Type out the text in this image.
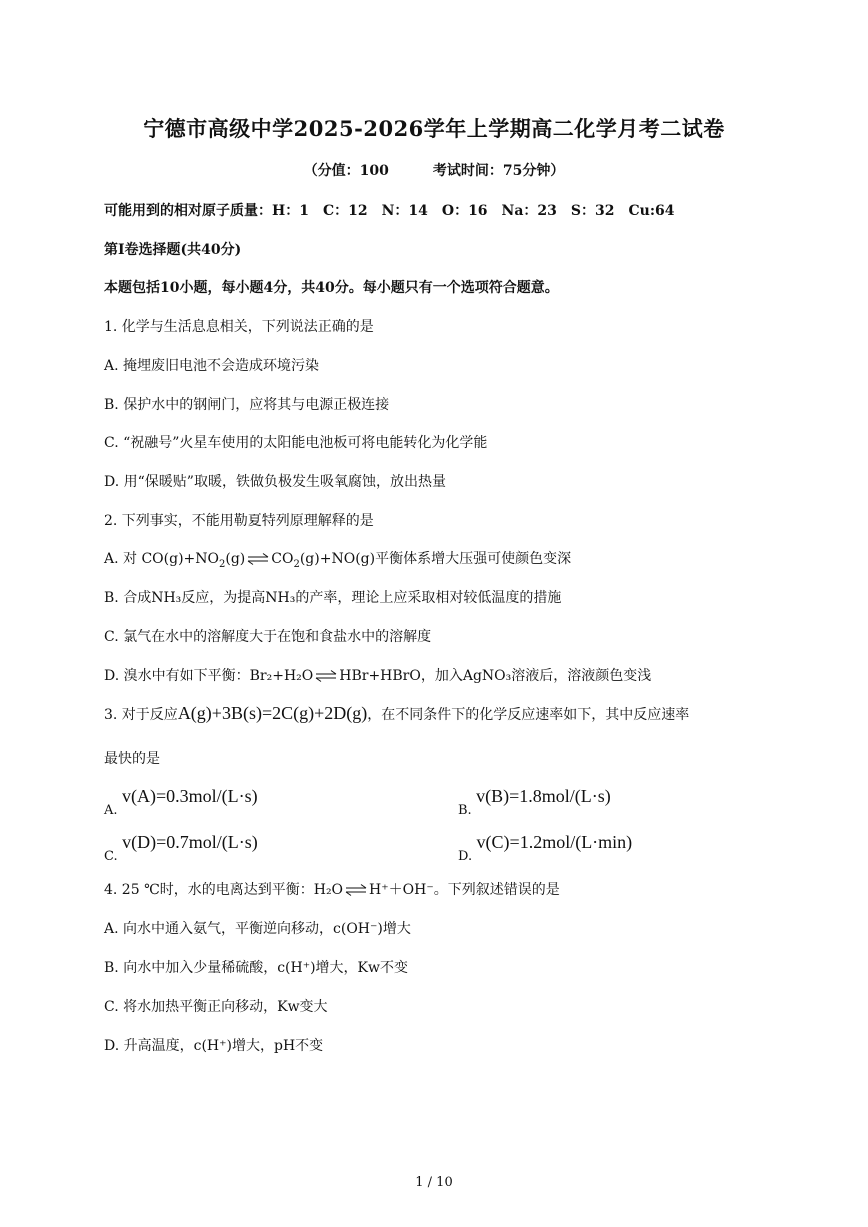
宁德市高级中学2025-2026学年上学期高二化学月考二试卷
（分值：100	考试时间：75分钟）
可能用到的相对原子质量：H：1　C：12　N：14　O：16　Na：23　S：32　Cu:64
第Ⅰ卷选择题(共40分)
本题包括10小题，每小题4分，共40分。每小题只有一个选项符合题意。
1. 化学与生活息息相关，下列说法正确的是
A. 掩埋废旧电池不会造成环境污染
B. 保护水中的钢闸门，应将其与电源正极连接
C. “祝融号”火星车使用的太阳能电池板可将电能转化为化学能
D. 用“保暖贴”取暖，铁做负极发生吸氧腐蚀，放出热量
2. 下列事实，不能用勒夏特列原理解释的是
A. 对 $CO(g)+NO_2(g)$ ⇌ $CO_2(g)+NO(g)$平衡体系增大压强可使颜色变深
B. 合成NH₃反应，为提高NH₃的产率，理论上应采取相对较低温度的措施
C. 氯气在水中的溶解度大于在饱和食盐水中的溶解度
D. 溴水中有如下平衡：Br₂+H₂O ⇌ HBr+HBrO，加入AgNO₃溶液后，溶液颜色变浅
3. 对于反应A(g)+3B(s)=2C(g)+2D(g)，在不同条件下的化学反应速率如下，其中反应速率
最快的是
A. v(A)=0.3mol/(L·s)
B. v(B)=1.8mol/(L·s)
C. v(D)=0.7mol/(L·s)
D. v(C)=1.2mol/(L·min)
4. 25 ℃时，水的电离达到平衡：H₂O ⇌ H⁺＋OH⁻。下列叙述错误的是
A. 向水中通入氨气，平衡逆向移动，c(OH⁻)增大
B. 向水中加入少量稀硫酸，c(H⁺)增大，Kw不变
C. 将水加热平衡正向移动，Kw变大
D. 升高温度，c(H⁺)增大，pH不变
1 / 10
